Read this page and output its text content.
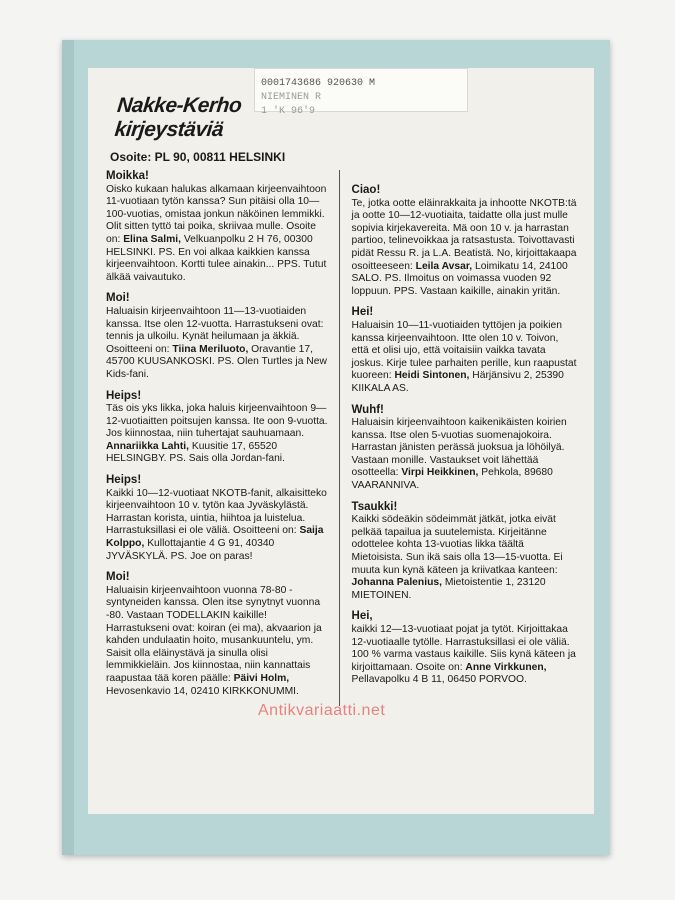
Nakke-Kerho
kirjeystäviä
Osoite: PL 90, 00811 HELSINKI
Moikka!

Oisko kukaan halukas alkamaan kirjeenvaihtoon 11-vuotiaan tytön kanssa? Sun pitäisi olla 10—100-vuotias, omistaa jonkun näköinen lemmikki. Olit sitten tyttö tai poika, skriivaa mulle. Osoite on: Elina Salmi, Velkuanpolku 2 H 76, 00300 HELSINKI. PS. En voi alkaa kaikkien kanssa kirjeenvaihtoon. Kortti tulee ainakin... PPS. Tutut älkää vaivautuko.

Moi!

Haluaisin kirjeenvaihtoon 11—13-vuotiaiden kanssa. Itse olen 12-vuotta. Harrastukseni ovat: tennis ja ulkoilu. Kynät heilumaan ja äkkiä. Osoitteeni on: Tiina Meriluoto, Oravantie 17, 45700 KUUSANKOSKI. PS. Olen Turtles ja New Kids-fani.

Heips!

Täs ois yks likka, joka haluis kirjeenvaihtoon 9—12-vuotiaitten poitsujen kanssa. Ite oon 9-vuotta. Jos kiinnostaa, niin tuhertajat sauhuamaan. Annariikka Lahti, Kuusitie 17, 65520 HELSINGBY. PS. Sais olla Jordan-fani.

Heips!

Kaikki 10—12-vuotiaat NKOTB-fanit, alkaisitteko kirjeenvaihtoon 10 v. tytön kaa Jyväskylästä. Harrastan korista, uintia, hiihtoa ja luistelua. Harrastuksillasi ei ole väliä. Osoitteeni on: Saija Kolppo, Kullottajantie 4 G 91, 40340 JYVÄSKYLÄ. PS. Joe on paras!

Moi!

Haluaisin kirjeenvaihtoon vuonna 78-80 -syntyneiden kanssa. Olen itse synytnyt vuonna -80. Vastaan TODELLAKIN kaikille! Harrastukseni ovat: koiran (ei ma), akvaarion ja kahden undulaatin hoito, musankuuntelu, ym. Saisit olla eläinystävä ja sinulla olisi lemmikkieläin. Jos kiinnostaa, niin kannattais raapustaa tää koren päälle: Päivi Holm, Hevosenkavio 14, 02410 KIRKKONUMMI.

Ciao!

Te, jotka ootte eläinrakkaita ja inhootte NKOTB:tä ja ootte 10—12-vuotiaita, taidatte olla just mulle sopivia kirjekavereita. Mä oon 10 v. ja harrastan partioo, telinevoikkaa ja ratsastusta. Toivottavasti pidät Ressu R. ja L.A. Beatistä. No, kirjoittakaapa osoitteeseen: Leila Avsar, Loimikatu 14, 24100 SALO. PS. Ilmoitus on voimassa vuoden 92 loppuun. PPS. Vastaan kaikille, ainakin yritän.

Hei!

Haluaisin 10—11-vuotiaiden tyttöjen ja poikien kanssa kirjeenvaihtoon. Itte olen 10 v. Toivon, että et olisi ujo, että voitaisiin vaikka tavata joskus. Kirje tulee parhaiten perille, kun raapustat kuoreen: Heidi Sintonen, Härjänsivu 2, 25390 KIIKALA AS.

Wuhf!

Haluaisin kirjeenvaihtoon kaikenikäisten koirien kanssa. Itse olen 5-vuotias suomenajokoira. Harrastan jänisten perässä juoksua ja löhöilyä. Vastaan monille. Vastaukset voit lähettää osotteella: Virpi Heikkinen, Pehkola, 89680 VAARANNIVA.

Tsaukki!

Kaikki södeäkin södeimmät jätkät, jotka eivät pelkää tapailua ja suutelemista. Kirjeitänne odottelee kohta 13-vuotias likka täältä Mietoisista. Sun ikä sais olla 13—15-vuotta. Ei muuta kun kynä käteen ja kriivatkaa kanteen: Johanna Palenius, Mietoistentie 1, 23120 MIETOINEN.

Hei,

kaikki 12—13-vuotiaat pojat ja tytöt. Kirjoittakaa 12-vuotiaalle tytölle. Harrastuksillasi ei ole väliä. 100 % varma vastaus kaikille. Siis kynä käteen ja kirjoittamaan. Osoite on: Anne Virkkunen, Pellavapolku 4 B 11, 06450 PORVOO.

0001743686 920630 M
NIEMINEN R
1 'K 96'9
Antikvariaatti.net
